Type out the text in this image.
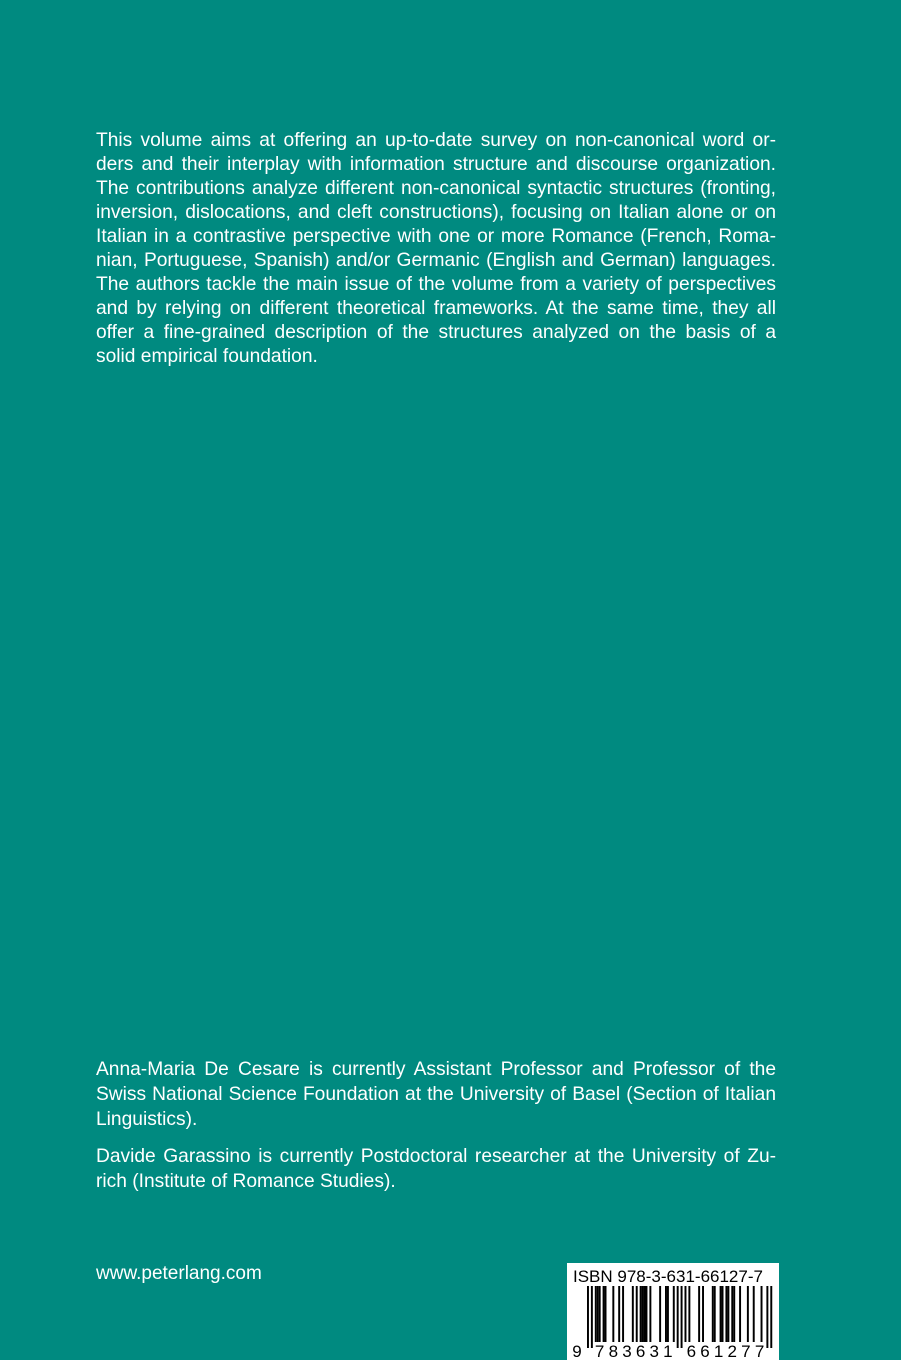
This volume aims at offering an up-to-date survey on non-canonical word or-
ders and their interplay with information structure and discourse organization.
The contributions analyze different non-canonical syntactic structures (fronting,
inversion, dislocations, and cleft constructions), focusing on Italian alone or on
Italian in a contrastive perspective with one or more Romance (French, Roma-
nian, Portuguese, Spanish) and/or Germanic (English and German) languages.
The authors tackle the main issue of the volume from a variety of perspectives
and by relying on different theoretical frameworks. At the same time, they all
offer a fine-grained description of the structures analyzed on the basis of a
solid empirical foundation.
Anna-Maria De Cesare is currently Assistant Professor and Professor of the
Swiss National Science Foundation at the University of Basel (Section of Italian
Linguistics).
Davide Garassino is currently Postdoctoral researcher at the University of Zu-
rich (Institute of Romance Studies).
www.peterlang.com	ISBN 978-3-631-66127-7
9 7 8 3 6 3 1 6 6 1 2 7 7
